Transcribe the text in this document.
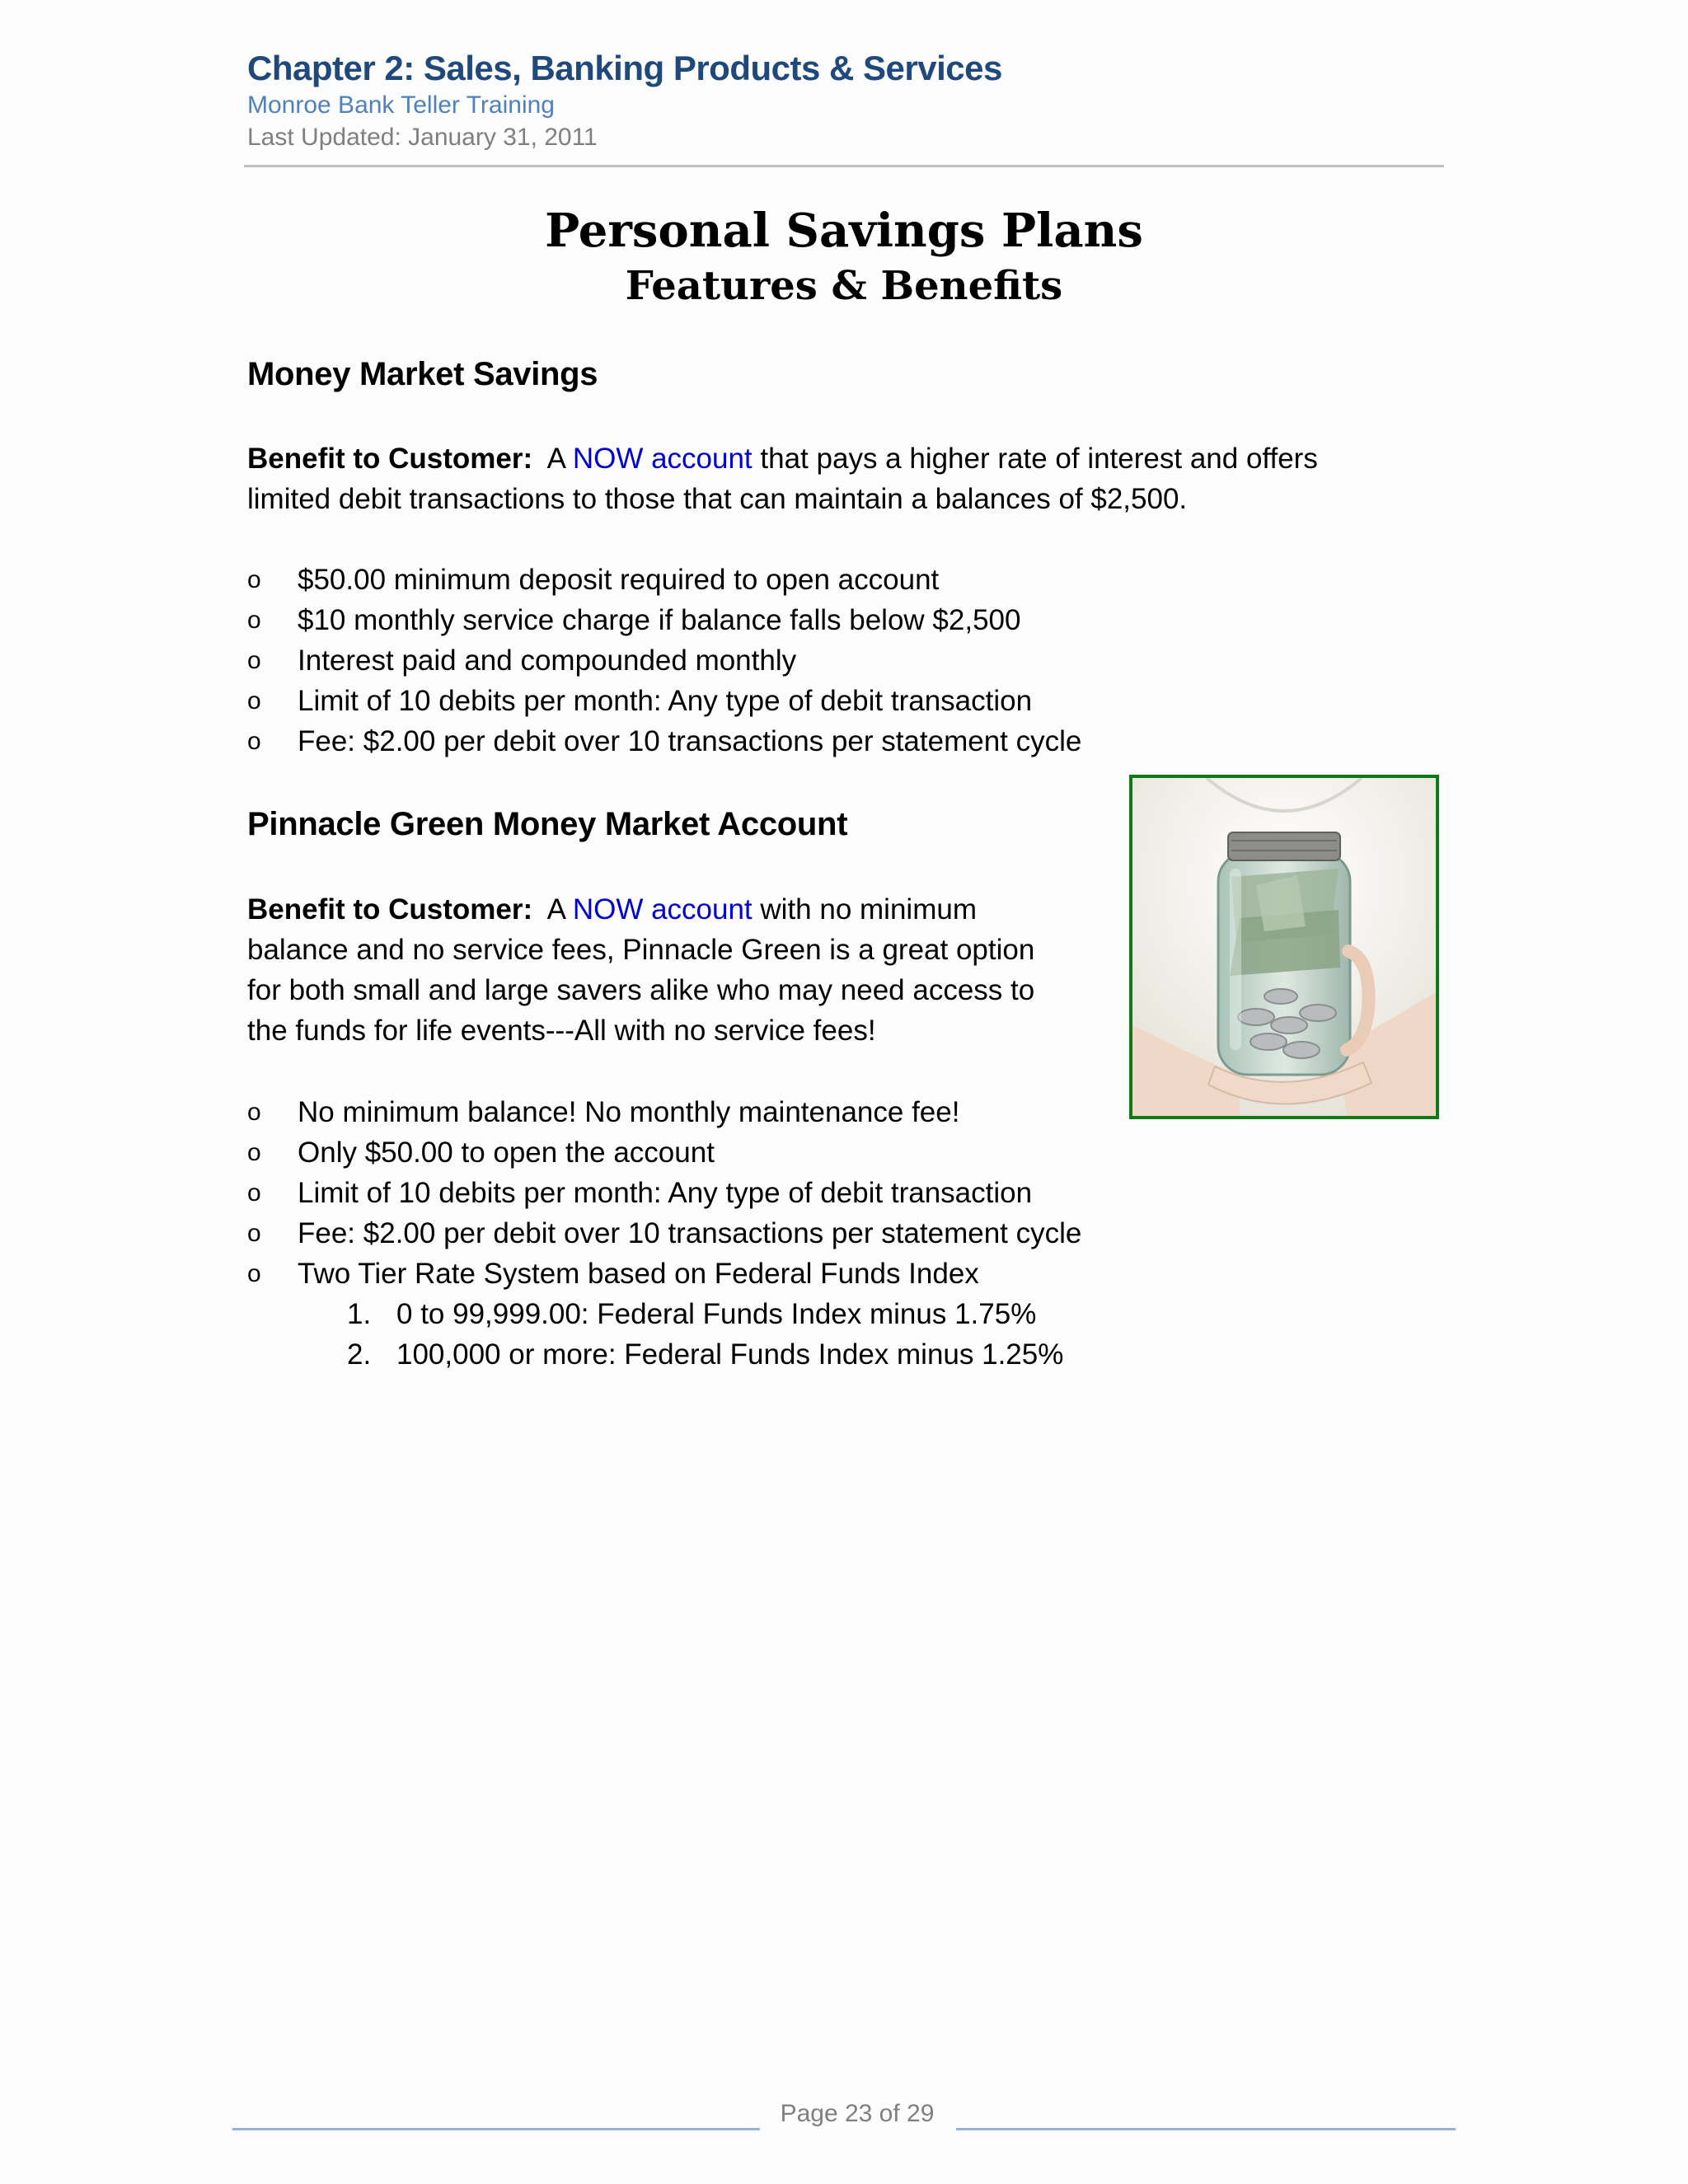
Chapter 2: Sales, Banking Products & Services
Monroe Bank Teller Training
Last Updated: January 31, 2011
Personal Savings Plans
Features & Benefits
Money Market Savings
Benefit to Customer: A NOW account that pays a higher rate of interest and offers
limited debit transactions to those that can maintain a balances of $2,500.
o $50.00 minimum deposit required to open account
o $10 monthly service charge if balance falls below $2,500
o Interest paid and compounded monthly
o Limit of 10 debits per month: Any type of debit transaction
o Fee: $2.00 per debit over 10 transactions per statement cycle
Pinnacle Green Money Market Account
Benefit to Customer: A NOW account with no minimum
balance and no service fees, Pinnacle Green is a great option
for both small and large savers alike who may need access to
the funds for life events---All with no service fees!
o No minimum balance! No monthly maintenance fee!
o Only $50.00 to open the account
o Limit of 10 debits per month: Any type of debit transaction
o Fee: $2.00 per debit over 10 transactions per statement cycle
o Two Tier Rate System based on Federal Funds Index
1. 0 to 99,999.00: Federal Funds Index minus 1.75%
2. 100,000 or more: Federal Funds Index minus 1.25%
Page 23 of 29
